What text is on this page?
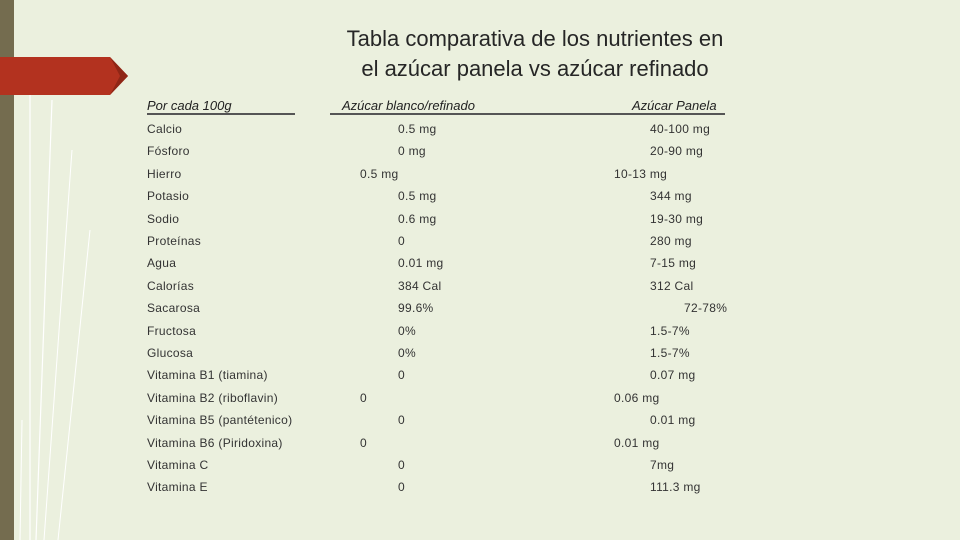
Tabla comparativa de los nutrientes en
el azúcar panela vs azúcar refinado
Por cada 100g	Azúcar blanco/refinado	Azúcar Panela
Calcio	0.5 mg	40-100 mg
Fósforo	0 mg	20-90 mg
Hierro	0.5 mg	10-13 mg
Potasio	0.5 mg	344 mg
Sodio	0.6 mg	19-30 mg
Proteínas	0	280 mg
Agua	0.01 mg	7-15 mg
Calorías	384 Cal	312 Cal
Sacarosa	99.6%	72-78%
Fructosa	0%	1.5-7%
Glucosa	0%	1.5-7%
Vitamina B1 (tiamina)	0	0.07 mg
Vitamina B2 (riboflavin)	0	0.06 mg
Vitamina B5 (pantétenico)	0	0.01 mg
Vitamina B6 (Piridoxina)	0	0.01 mg
Vitamina C	0	7mg
Vitamina E	0	111.3 mg
